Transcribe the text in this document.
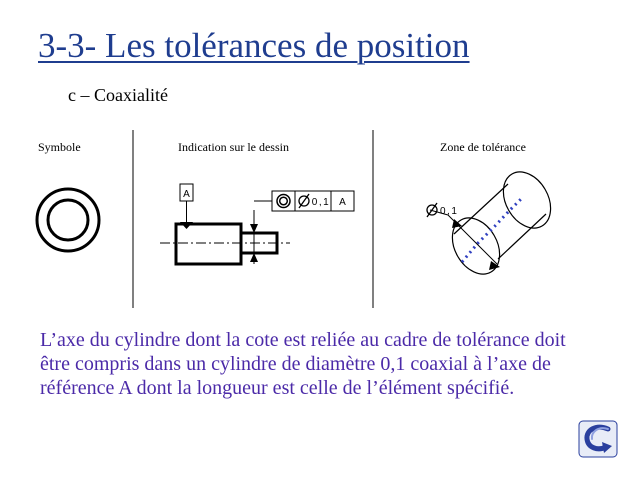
3-3- Les tolérances de position
c – Coaxialité
Symbole	Indication sur le dessin	Zone de tolérance
A
0,1 A
0,1

L’axe du cylindre dont la cote est reliée au cadre de tolérance doit être compris dans un cylindre de diamètre 0,1 coaxial à l’axe de référence A dont la longueur est celle de l’élément spécifié.
